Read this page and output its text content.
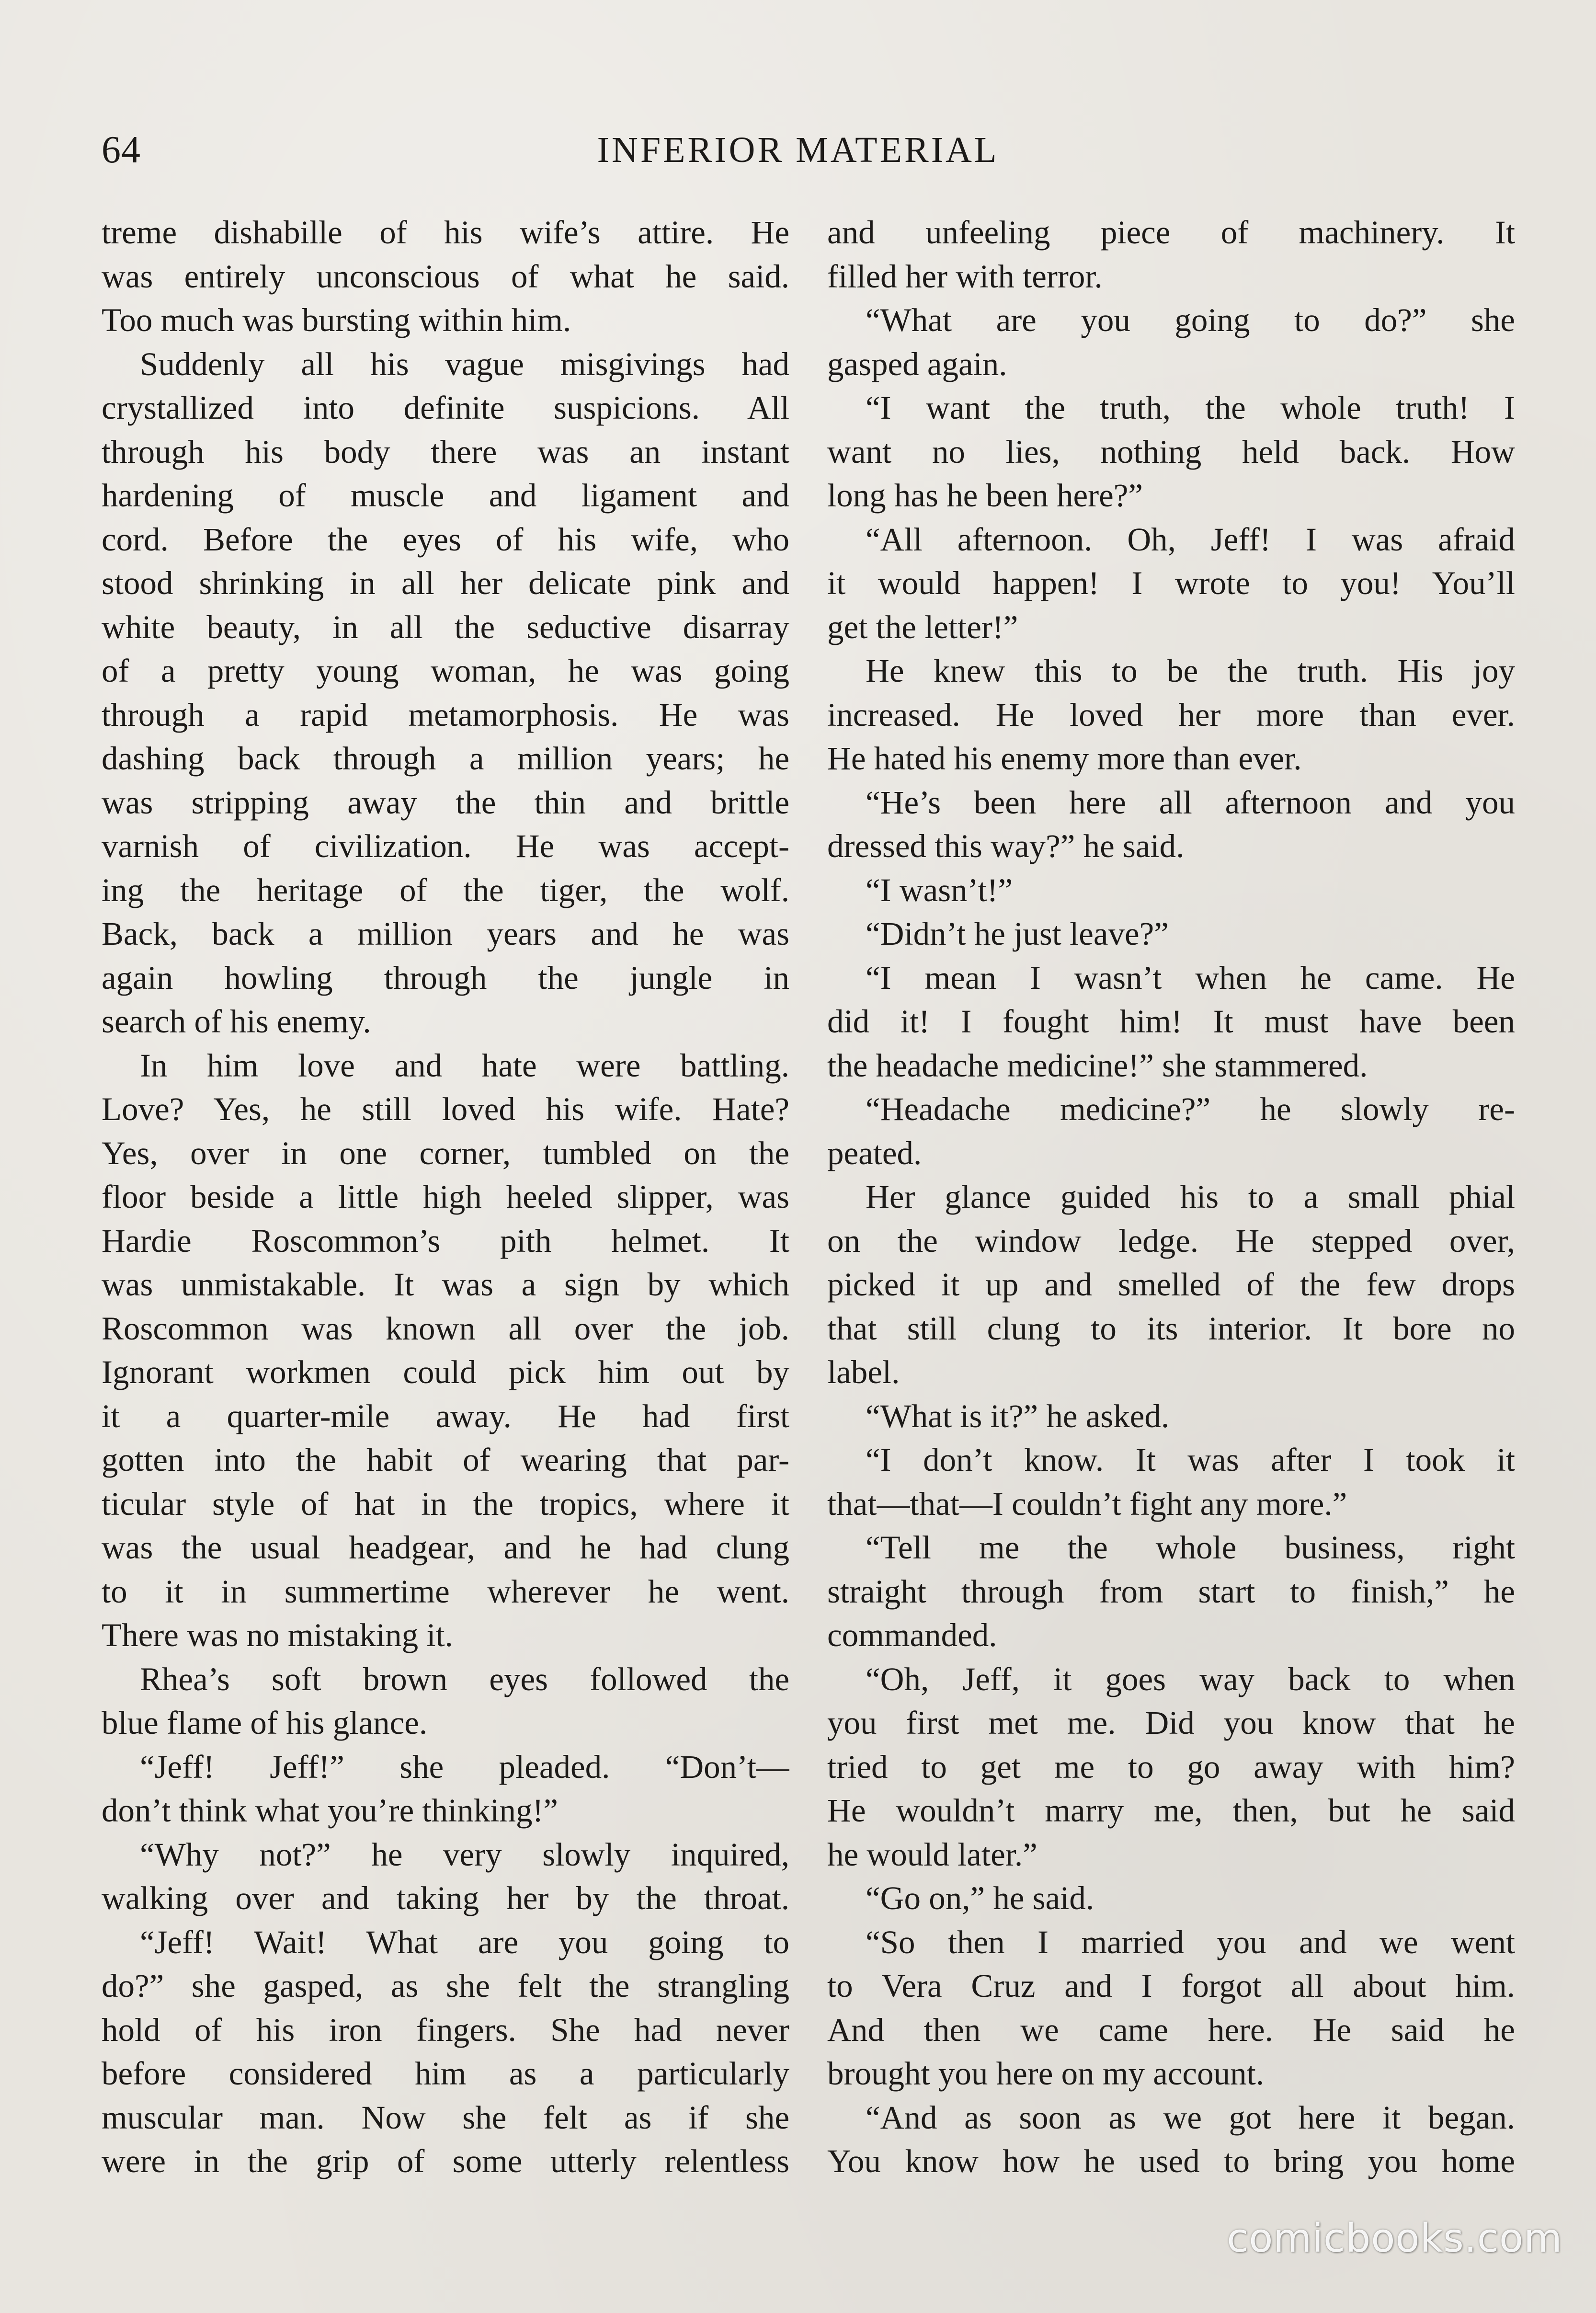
64	INFERIOR MATERIAL
treme dishabille of his wife’s attire. He
was entirely unconscious of what he said.
Too much was bursting within him.
Suddenly all his vague misgivings had
crystallized into definite suspicions. All
through his body there was an instant
hardening of muscle and ligament and
cord. Before the eyes of his wife, who
stood shrinking in all her delicate pink and
white beauty, in all the seductive disarray
of a pretty young woman, he was going
through a rapid metamorphosis. He was
dashing back through a million years; he
was stripping away the thin and brittle
varnish of civilization. He was accept-
ing the heritage of the tiger, the wolf.
Back, back a million years and he was
again howling through the jungle in
search of his enemy.
In him love and hate were battling.
Love? Yes, he still loved his wife. Hate?
Yes, over in one corner, tumbled on the
floor beside a little high heeled slipper, was
Hardie Roscommon’s pith helmet. It
was unmistakable. It was a sign by which
Roscommon was known all over the job.
Ignorant workmen could pick him out by
it a quarter-mile away. He had first
gotten into the habit of wearing that par-
ticular style of hat in the tropics, where it
was the usual headgear, and he had clung
to it in summertime wherever he went.
There was no mistaking it.
Rhea’s soft brown eyes followed the
blue flame of his glance.
“Jeff! Jeff!” she pleaded. “Don’t—
don’t think what you’re thinking!”
“Why not?” he very slowly inquired,
walking over and taking her by the throat.
“Jeff! Wait! What are you going to
do?” she gasped, as she felt the strangling
hold of his iron fingers. She had never
before considered him as a particularly
muscular man. Now she felt as if she
were in the grip of some utterly relentless
and unfeeling piece of machinery. It
filled her with terror.
“What are you going to do?” she
gasped again.
“I want the truth, the whole truth! I
want no lies, nothing held back. How
long has he been here?”
“All afternoon. Oh, Jeff! I was afraid
it would happen! I wrote to you! You’ll
get the letter!”
He knew this to be the truth. His joy
increased. He loved her more than ever.
He hated his enemy more than ever.
“He’s been here all afternoon and you
dressed this way?” he said.
“I wasn’t!”
“Didn’t he just leave?”
“I mean I wasn’t when he came. He
did it! I fought him! It must have been
the headache medicine!” she stammered.
“Headache medicine?” he slowly re-
peated.
Her glance guided his to a small phial
on the window ledge. He stepped over,
picked it up and smelled of the few drops
that still clung to its interior. It bore no
label.
“What is it?” he asked.
“I don’t know. It was after I took it
that—that—I couldn’t fight any more.”
“Tell me the whole business, right
straight through from start to finish,” he
commanded.
“Oh, Jeff, it goes way back to when
you first met me. Did you know that he
tried to get me to go away with him?
He wouldn’t marry me, then, but he said
he would later.”
“Go on,” he said.
“So then I married you and we went
to Vera Cruz and I forgot all about him.
And then we came here. He said he
brought you here on my account.
“And as soon as we got here it began.
You know how he used to bring you home
comicbooks.com
